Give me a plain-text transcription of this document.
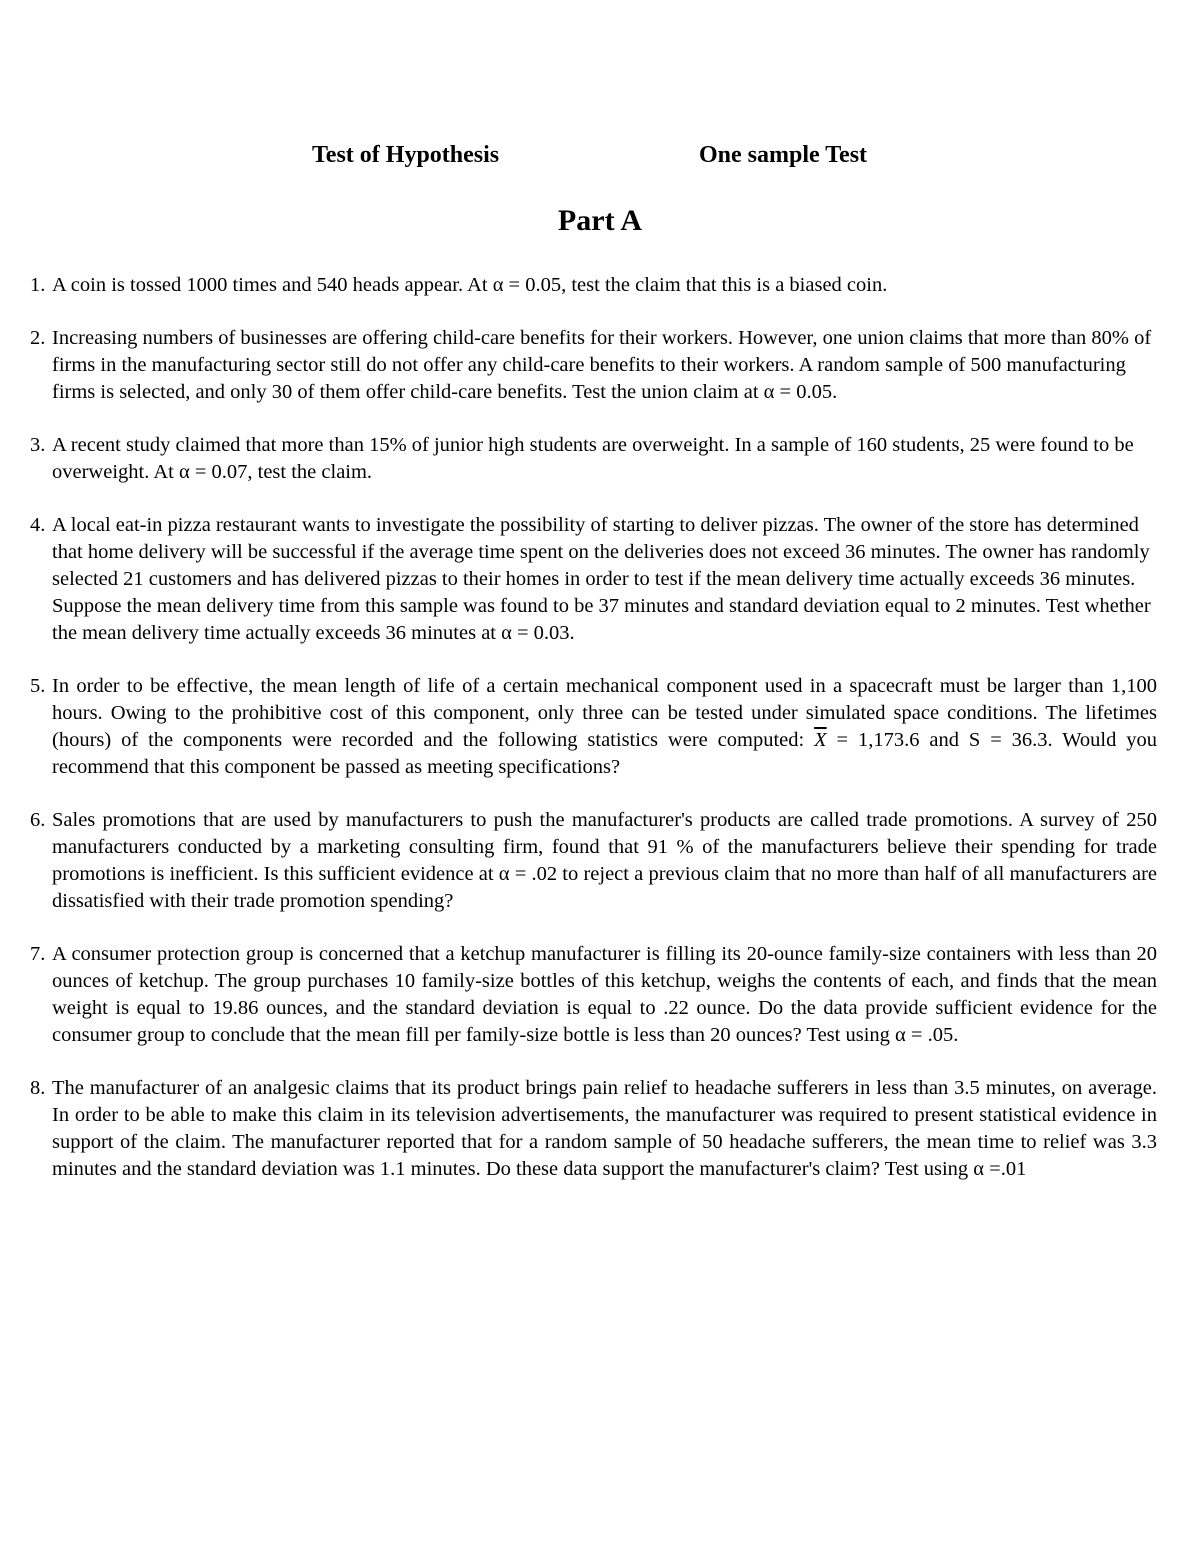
Test of Hypothesis	One sample Test
Part A
1. A coin is tossed 1000 times and 540 heads appear. At α = 0.05, test the claim that this is a biased coin.
2. Increasing numbers of businesses are offering child-care benefits for their workers. However, one union claims that more than 80% of firms in the manufacturing sector still do not offer any child-care benefits to their workers. A random sample of 500 manufacturing firms is selected, and only 30 of them offer child-care benefits. Test the union claim at α = 0.05.
3. A recent study claimed that more than 15% of junior high students are overweight. In a sample of 160 students, 25 were found to be overweight. At α = 0.07, test the claim.
4. A local eat-in pizza restaurant wants to investigate the possibility of starting to deliver pizzas. The owner of the store has determined that home delivery will be successful if the average time spent on the deliveries does not exceed 36 minutes. The owner has randomly selected 21 customers and has delivered pizzas to their homes in order to test if the mean delivery time actually exceeds 36 minutes. Suppose the mean delivery time from this sample was found to be 37 minutes and standard deviation equal to 2 minutes. Test whether the mean delivery time actually exceeds 36 minutes at α = 0.03.
5. In order to be effective, the mean length of life of a certain mechanical component used in a spacecraft must be larger than 1,100 hours. Owing to the prohibitive cost of this component, only three can be tested under simulated space conditions. The lifetimes (hours) of the components were recorded and the following statistics were computed: $\overline{X} = 1,173.6$ and S = 36.3. Would you recommend that this component be passed as meeting specifications?
6. Sales promotions that are used by manufacturers to push the manufacturer's products are called trade promotions. A survey of 250 manufacturers conducted by a marketing consulting firm, found that 91 % of the manufacturers believe their spending for trade promotions is inefficient. Is this sufficient evidence at α = .02 to reject a previous claim that no more than half of all manufacturers are dissatisfied with their trade promotion spending?
7. A consumer protection group is concerned that a ketchup manufacturer is filling its 20-ounce family-size containers with less than 20 ounces of ketchup. The group purchases 10 family-size bottles of this ketchup, weighs the contents of each, and finds that the mean weight is equal to 19.86 ounces, and the standard deviation is equal to .22 ounce. Do the data provide sufficient evidence for the consumer group to conclude that the mean fill per family-size bottle is less than 20 ounces? Test using α = .05.
8. The manufacturer of an analgesic claims that its product brings pain relief to headache sufferers in less than 3.5 minutes, on average. In order to be able to make this claim in its television advertisements, the manufacturer was required to present statistical evidence in support of the claim. The manufacturer reported that for a random sample of 50 headache sufferers, the mean time to relief was 3.3 minutes and the standard deviation was 1.1 minutes. Do these data support the manufacturer's claim? Test using α =.01
